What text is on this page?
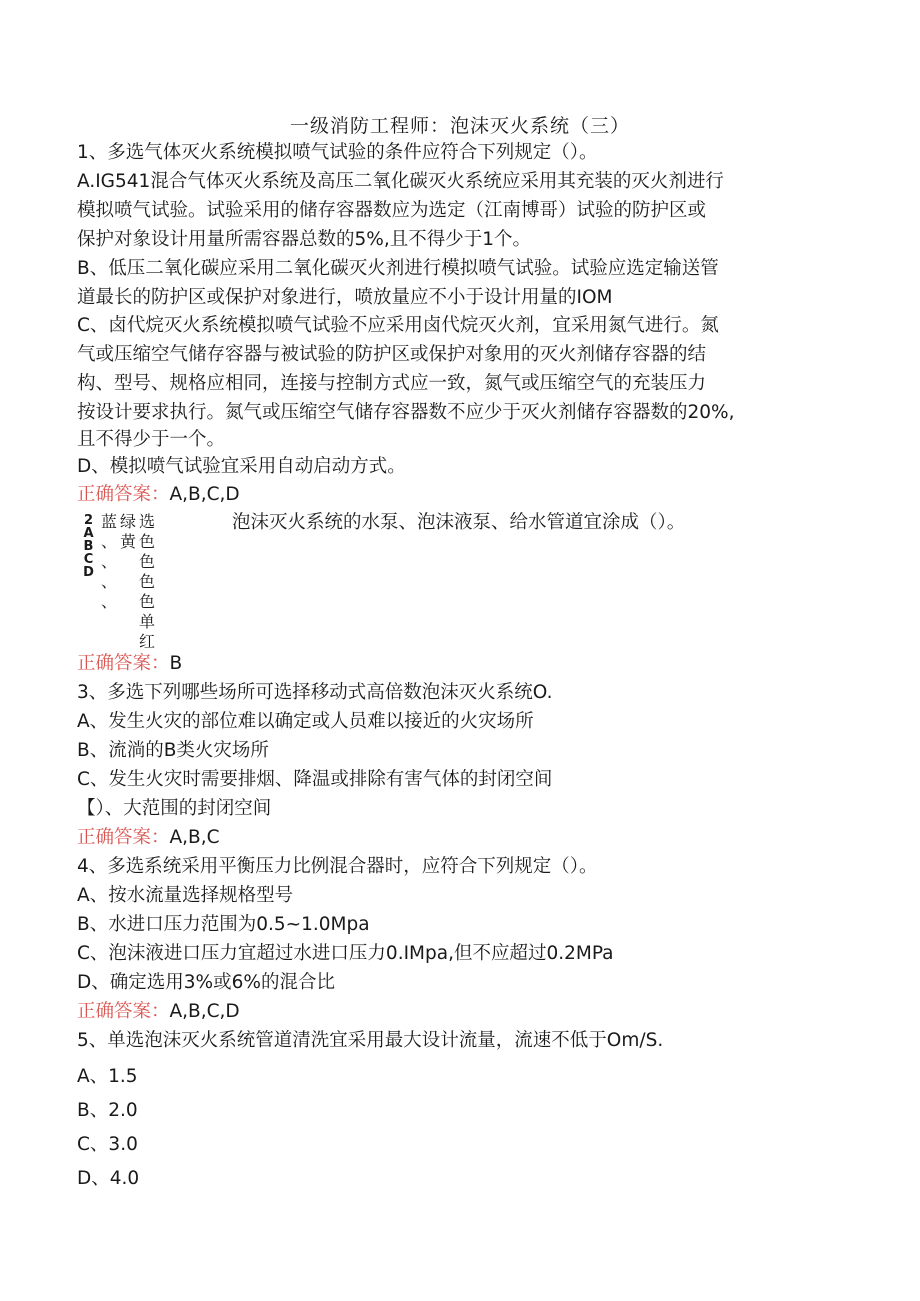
一级消防工程师：泡沫灭火系统（三）
1、多选气体灭火系统模拟喷气试验的条件应符合下列规定（）。
A.IG541混合气体灭火系统及高压二氧化碳灭火系统应采用其充装的灭火剂进行
模拟喷气试验。试验采用的储存容器数应为选定（江南博哥）试验的防护区或
保护对象设计用量所需容器总数的5%,且不得少于1个。
B、低压二氧化碳应采用二氧化碳灭火剂进行模拟喷气试验。试验应选定输送管
道最长的防护区或保护对象进行，喷放量应不小于设计用量的IOM
C、卤代烷灭火系统模拟喷气试验不应采用卤代烷灭火剂，宜采用氮气进行。氮
气或压缩空气储存容器与被试验的防护区或保护对象用的灭火剂储存容器的结
构、型号、规格应相同，连接与控制方式应一致，氮气或压缩空气的充装压力
按设计要求执行。氮气或压缩空气储存容器数不应少于灭火剂储存容器数的20%,
且不得少于一个。
D、模拟喷气试验宜采用自动启动方式。
正确答案：A,B,C,D
2ABCD	泡沫灭火系统的水泵、泡沫液泵、给水管道宜涂成（）。
蓝
、
、
、
、
绿
黄
选
色
色
色
色
单
红
正确答案：B
3、多选下列哪些场所可选择移动式高倍数泡沫灭火系统O.
A、发生火灾的部位难以确定或人员难以接近的火灾场所
B、流淌的B类火灾场所
C、发生火灾时需要排烟、降温或排除有害气体的封闭空间
【）、大范围的封闭空间
正确答案：A,B,C
4、多选系统采用平衡压力比例混合器时，应符合下列规定（）。
A、按水流量选择规格型号
B、水进口压力范围为0.5~1.0Mpa
C、泡沫液进口压力宜超过水进口压力0.IMpa,但不应超过0.2MPa
D、确定选用3%或6%的混合比
正确答案：A,B,C,D
5、单选泡沫灭火系统管道清洗宜采用最大设计流量，流速不低于Om∕S.
A、1.5
B、2.0
C、3.0
D、4.0
